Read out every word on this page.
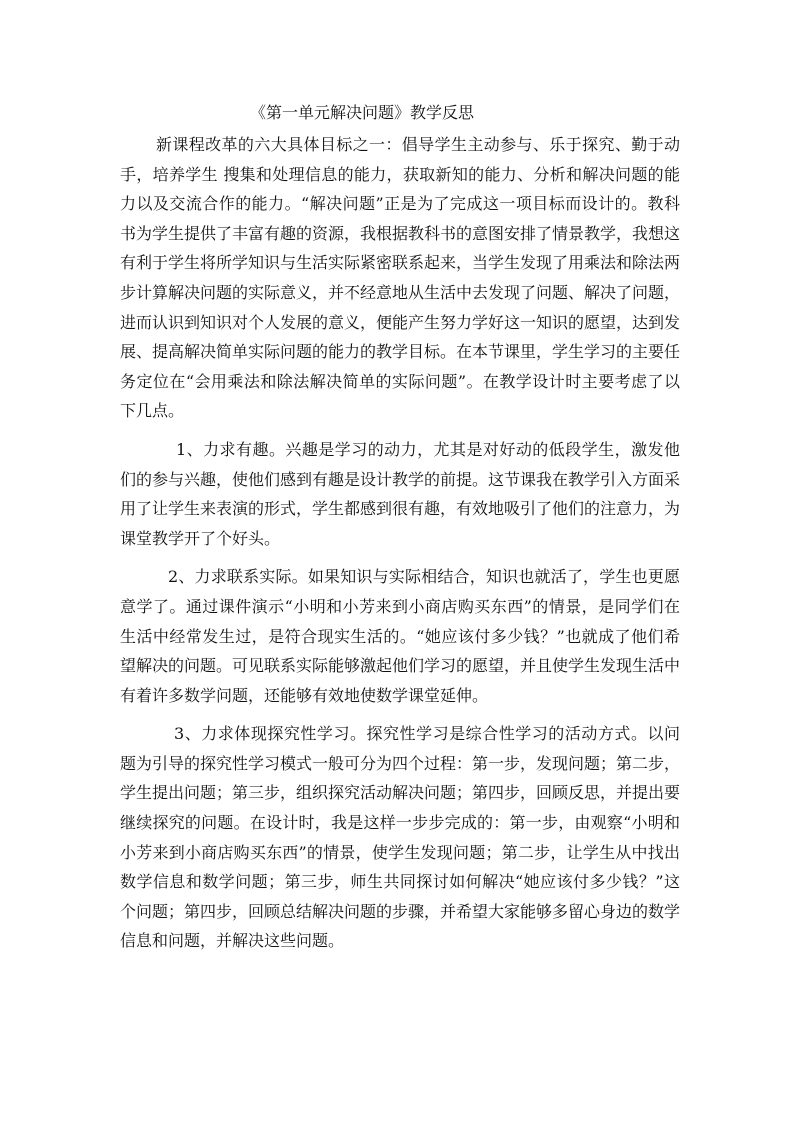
《第一单元解决问题》教学反思

新课程改革的六大具体目标之一：倡导学生主动参与、乐于探究、勤于动手，培养学生 搜集和处理信息的能力，获取新知的能力、分析和解决问题的能力以及交流合作的能力。“解决问题”正是为了完成这一项目标而设计的。教科书为学生提供了丰富有趣的资源，我根据教科书的意图安排了情景教学，我想这有利于学生将所学知识与生活实际紧密联系起来，当学生发现了用乘法和除法两步计算解决问题的实际意义，并不经意地从生活中去发现了问题、解决了问题，进而认识到知识对个人发展的意义，便能产生努力学好这一知识的愿望，达到发展、提高解决简单实际问题的能力的教学目标。在本节课里，学生学习的主要任务定位在“会用乘法和除法解决简单的实际问题”。在教学设计时主要考虑了以下几点。

1、力求有趣。兴趣是学习的动力，尤其是对好动的低段学生，激发他们的参与兴趣，使他们感到有趣是设计教学的前提。这节课我在教学引入方面采用了让学生来表演的形式，学生都感到很有趣，有效地吸引了他们的注意力，为课堂教学开了个好头。

2、力求联系实际。如果知识与实际相结合，知识也就活了，学生也更愿意学了。通过课件演示“小明和小芳来到小商店购买东西”的情景，是同学们在生活中经常发生过，是符合现实生活的。“她应该付多少钱？”也就成了他们希望解决的问题。可见联系实际能够激起他们学习的愿望，并且使学生发现生活中有着许多数学问题，还能够有效地使数学课堂延伸。

3、力求体现探究性学习。探究性学习是综合性学习的活动方式。以问题为引导的探究性学习模式一般可分为四个过程：第一步，发现问题；第二步，学生提出问题；第三步，组织探究活动解决问题；第四步，回顾反思，并提出要继续探究的问题。在设计时，我是这样一步步完成的：第一步，由观察“小明和小芳来到小商店购买东西”的情景，使学生发现问题；第二步，让学生从中找出数学信息和数学问题；第三步，师生共同探讨如何解决“她应该付多少钱？”这个问题；第四步，回顾总结解决问题的步骤，并希望大家能够多留心身边的数学信息和问题，并解决这些问题。
